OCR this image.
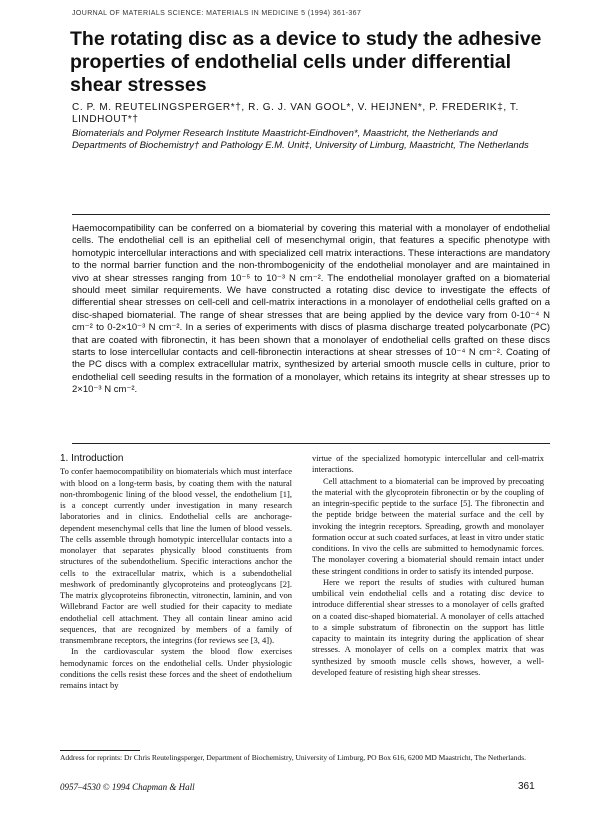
JOURNAL OF MATERIALS SCIENCE: MATERIALS IN MEDICINE 5 (1994) 361-367
The rotating disc as a device to study the adhesive properties of endothelial cells under differential shear stresses
C. P. M. REUTELINGSPERGER*†, R. G. J. VAN GOOL*, V. HEIJNEN*, P. FREDERIK‡, T. LINDHOUT*†
Biomaterials and Polymer Research Institute Maastricht-Eindhoven*, Maastricht, the Netherlands and Departments of Biochemistry† and Pathology E.M. Unit‡, University of Limburg, Maastricht, The Netherlands

Haemocompatibility can be conferred on a biomaterial by covering this material with a monolayer of endothelial cells. The endothelial cell is an epithelial cell of mesenchymal origin, that features a specific phenotype with homotypic intercellular interactions and with specialized cell matrix interactions. These interactions are mandatory to the normal barrier function and the non-thrombogenicity of the endothelial monolayer and are maintained in vivo at shear stresses ranging from 10⁻⁵ to 10⁻³ N cm⁻². The endothelial monolayer grafted on a biomaterial should meet similar requirements. We have constructed a rotating disc device to investigate the effects of differential shear stresses on cell-cell and cell-matrix interactions in a monolayer of endothelial cells grafted on a disc-shaped biomaterial. The range of shear stresses that are being applied by the device vary from 0-10⁻⁴ N cm⁻² to 0-2×10⁻³ N cm⁻². In a series of experiments with discs of plasma discharge treated polycarbonate (PC) that are coated with fibronectin, it has been shown that a monolayer of endothelial cells grafted on these discs starts to lose intercellular contacts and cell-fibronectin interactions at shear stresses of 10⁻⁴ N cm⁻². Coating of the PC discs with a complex extracellular matrix, synthesized by arterial smooth muscle cells in culture, prior to endothelial cell seeding results in the formation of a monolayer, which retains its integrity at shear stresses up to 2×10⁻³ N cm⁻².

1. Introduction

To confer haemocompatibility on biomaterials which must interface with blood on a long-term basis, by coating them with the natural non-thrombogenic lining of the blood vessel, the endothelium [1], is a concept currently under investigation in many research laboratories and in clinics. Endothelial cells are anchorage-dependent mesenchymal cells that line the lumen of blood vessels. The cells assemble through homotypic intercellular contacts into a monolayer that separates physically blood constituents from structures of the subendothelium. Specific interactions anchor the cells to the extracellular matrix, which is a subendothelial meshwork of predominantly glycoproteins and proteoglycans [2]. The matrix glycoproteins fibronectin, vitronectin, laminin, and von Willebrand Factor are well studied for their capacity to mediate endothelial cell attachment. They all contain linear amino acid sequences, that are recognized by members of a family of transmembrane receptors, the integrins (for reviews see [3, 4]).

In the cardiovascular system the blood flow exercises hemodynamic forces on the endothelial cells. Under physiologic conditions the cells resist these forces and the sheet of endothelium remains intact by

virtue of the specialized homotypic intercellular and cell-matrix interactions.

Cell attachment to a biomaterial can be improved by precoating the material with the glycoprotein fibronectin or by the coupling of an integrin-specific peptide to the surface [5]. The fibronectin and the peptide bridge between the material surface and the cell by invoking the integrin receptors. Spreading, growth and monolayer formation occur at such coated surfaces, at least in vitro under static conditions. In vivo the cells are submitted to hemodynamic forces. The monolayer covering a biomaterial should remain intact under these stringent conditions in order to satisfy its intended purpose.

Here we report the results of studies with cultured human umbilical vein endothelial cells and a rotating disc device to introduce differential shear stresses to a monolayer of cells grafted on a coated disc-shaped biomaterial. A monolayer of cells attached to a simple substratum of fibronectin on the support has little capacity to maintain its integrity during the application of shear stresses. A monolayer of cells on a complex matrix that was synthesized by smooth muscle cells shows, however, a well-developed feature of resisting high shear stresses.

Address for reprints: Dr Chris Reutelingsperger, Department of Biochemistry, University of Limburg, PO Box 616, 6200 MD Maastricht, The Netherlands.
0957–4530 © 1994 Chapman & Hall	361
